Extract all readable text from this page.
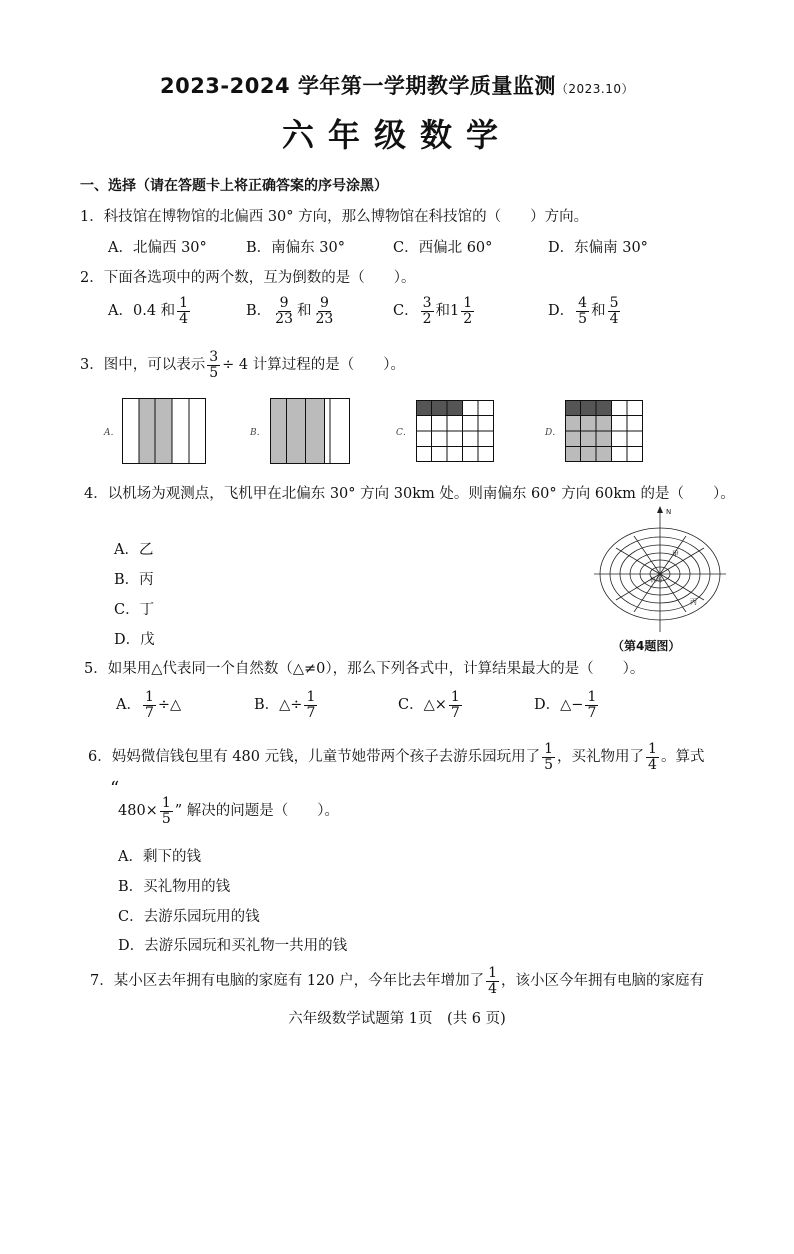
2023-2024 学年第一学期教学质量监测（2023.10）
六年级数学
一、选择（请在答题卡上将正确答案的序号涂黑）
1．科技馆在博物馆的北偏西 30° 方向，那么博物馆在科技馆的（　　）方向。
A．北偏西 30°	B．南偏东 30°	C．西偏北 60°	D．东偏南 30°
2．下面各选项中的两个数，互为倒数的是（　　）。
A．0.4 和 $\frac{1}{4}$	B． $\frac{9}{23}$ 和 $\frac{9}{23}$	C． $\frac{3}{2}$ 和$1 \frac{1}{2}$	D． $\frac{4}{5}$ 和 $\frac{5}{4}$
3．图中，可以表示 $\frac{3}{5} \div 4$ 计算过程的是（　　）。
A．	B．	C．	D．
4．以机场为观测点，飞机甲在北偏东 30° 方向 30km 处。则南偏东 60° 方向 60km 的是（　　）。
A．乙
B．丙
C．丁
D．戊
N
甲
丙
机场
（第4题图）
5．如果用△代表同一个自然数（△≠0），那么下列各式中，计算结果最大的是（　　）。
A． $\frac{1}{7}$ ÷△	B．△÷ $\frac{1}{7}$	C．△× $\frac{1}{7}$	D．△− $\frac{1}{7}$
6．妈妈微信钱包里有 480 元钱，儿童节她带两个孩子去游乐园玩用了 $\frac{1}{5}$ ，买礼物用了 $\frac{1}{4}$ 。算式
“
$480\times \frac{1}{5}$ ” 解决的问题是（　　）。
A．剩下的钱
B．买礼物用的钱
C．去游乐园玩用的钱
D．去游乐园玩和买礼物一共用的钱
7．某小区去年拥有电脑的家庭有 120 户，今年比去年增加了 $\frac{1}{4}$ ，该小区今年拥有电脑的家庭有
六年级数学试题第 1页　(共 6 页)
